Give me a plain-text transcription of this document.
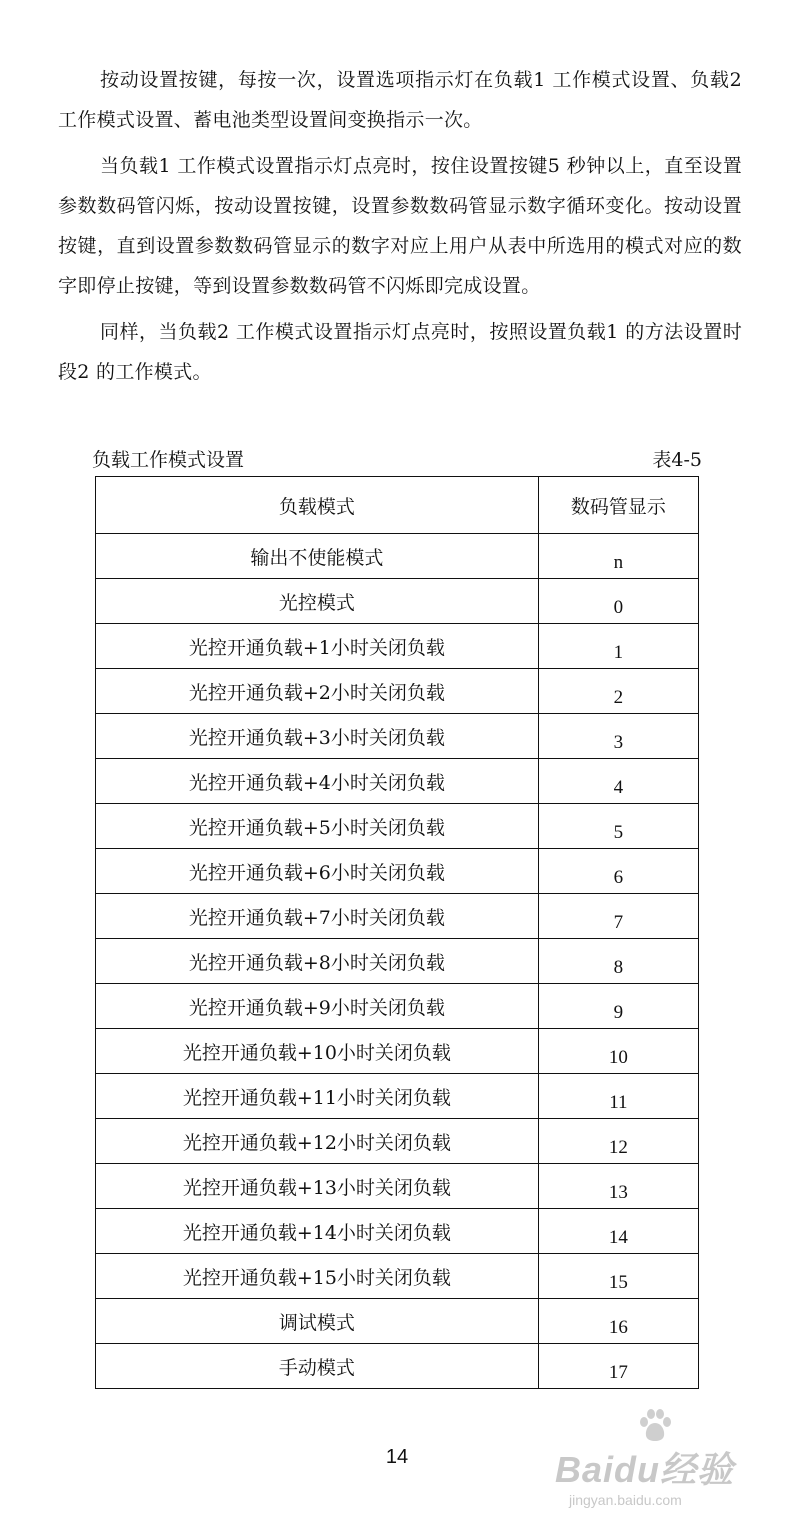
按动设置按键，每按一次，设置选项指示灯在负载1 工作模式设置、负载2 工作模式设置、蓄电池类型设置间变换指示一次。

当负载1 工作模式设置指示灯点亮时，按住设置按键5 秒钟以上，直至设置参数数码管闪烁，按动设置按键，设置参数数码管显示数字循环变化。按动设置按键，直到设置参数数码管显示的数字对应上用户从表中所选用的模式对应的数字即停止按键，等到设置参数数码管不闪烁即完成设置。

同样，当负载2 工作模式设置指示灯点亮时，按照设置负载1 的方法设置时段2 的工作模式。

负载工作模式设置	表4-5
负载模式	数码管显示
输出不使能模式	n
光控模式	0
光控开通负载+1小时关闭负载	1
光控开通负载+2小时关闭负载	2
光控开通负载+3小时关闭负载	3
光控开通负载+4小时关闭负载	4
光控开通负载+5小时关闭负载	5
光控开通负载+6小时关闭负载	6
光控开通负载+7小时关闭负载	7
光控开通负载+8小时关闭负载	8
光控开通负载+9小时关闭负载	9
光控开通负载+10小时关闭负载	10
光控开通负载+11小时关闭负载	11
光控开通负载+12小时关闭负载	12
光控开通负载+13小时关闭负载	13
光控开通负载+14小时关闭负载	14
光控开通负载+15小时关闭负载	15
调试模式	16
手动模式	17
14	Baidu经验
jingyan.baidu.com
